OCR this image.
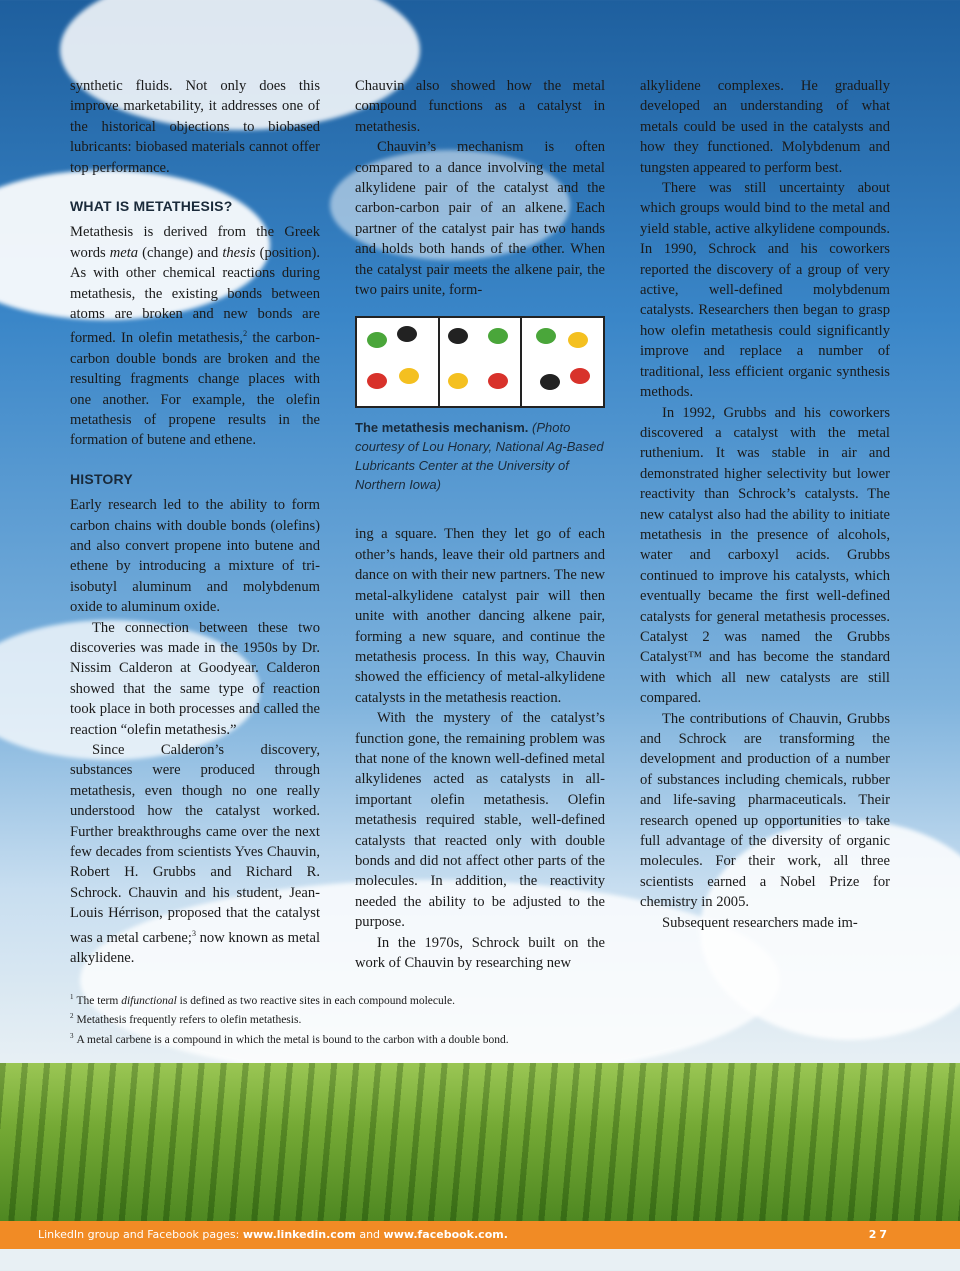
synthetic fluids. Not only does this improve marketability, it addresses one of the historical objections to biobased lubricants: biobased materials cannot offer top performance.

WHAT IS METATHESIS?

Metathesis is derived from the Greek words meta (change) and thesis (position). As with other chemical reactions during metathesis, the existing bonds between atoms are broken and new bonds are formed. In olefin metathesis,$^2$ the carbon-carbon double bonds are broken and the resulting fragments change places with one another. For example, the olefin metathesis of propene results in the formation of butene and ethene.

HISTORY

Early research led to the ability to form carbon chains with double bonds (olefins) and also convert propene into butene and ethene by introducing a mixture of tri-isobutyl aluminum and molybdenum oxide to aluminum oxide.

The connection between these two discoveries was made in the 1950s by Dr. Nissim Calderon at Goodyear. Calderon showed that the same type of reaction took place in both processes and called the reaction “olefin metathesis.”

Since Calderon’s discovery, substances were produced through metathesis, even though no one really understood how the catalyst worked. Further breakthroughs came over the next few decades from scientists Yves Chauvin, Robert H. Grubbs and Richard R. Schrock. Chauvin and his student, Jean-Louis Hérrison, proposed that the catalyst was a metal carbene;$^3$ now known as metal alkylidene.

Chauvin also showed how the metal compound functions as a catalyst in metathesis.

Chauvin’s mechanism is often compared to a dance involving the metal alkylidene pair of the catalyst and the carbon-carbon pair of an alkene. Each partner of the catalyst pair has two hands and holds both hands of the other. When the catalyst pair meets the alkene pair, the two pairs unite, form-

The metathesis mechanism. (Photo courtesy of Lou Honary, National Ag-Based Lubricants Center at the University of Northern Iowa)

ing a square. Then they let go of each other’s hands, leave their old partners and dance on with their new partners. The new metal-alkylidene catalyst pair will then unite with another dancing alkene pair, forming a new square, and continue the metathesis process. In this way, Chauvin showed the efficiency of metal-alkylidene catalysts in the metathesis reaction.

With the mystery of the catalyst’s function gone, the remaining problem was that none of the known well-defined metal alkylidenes acted as catalysts in all-important olefin metathesis. Olefin metathesis required stable, well-defined catalysts that reacted only with double bonds and did not affect other parts of the molecules. In addition, the reactivity needed the ability to be adjusted to the purpose.

In the 1970s, Schrock built on the work of Chauvin by researching new

alkylidene complexes. He gradually developed an understanding of what metals could be used in the catalysts and how they functioned. Molybdenum and tungsten appeared to perform best.

There was still uncertainty about which groups would bind to the metal and yield stable, active alkylidene compounds. In 1990, Schrock and his coworkers reported the discovery of a group of very active, well-defined molybdenum catalysts. Researchers then began to grasp how olefin metathesis could significantly improve and replace a number of traditional, less efficient organic synthesis methods.

In 1992, Grubbs and his coworkers discovered a catalyst with the metal ruthenium. It was stable in air and demonstrated higher selectivity but lower reactivity than Schrock’s catalysts. The new catalyst also had the ability to initiate metathesis in the presence of alcohols, water and carboxyl acids. Grubbs continued to improve his catalysts, which eventually became the first well-defined catalysts for general metathesis processes. Catalyst 2 was named the Grubbs Catalyst™ and has become the standard with which all new catalysts are still compared.

The contributions of Chauvin, Grubbs and Schrock are transforming the development and production of a number of substances including chemicals, rubber and life-saving pharmaceuticals. Their research opened up opportunities to take full advantage of the diversity of organic molecules. For their work, all three scientists earned a Nobel Prize for chemistry in 2005.

Subsequent researchers made im-

$^1$ The term difunctional is defined as two reactive sites in each compound molecule.
$^2$ Metathesis frequently refers to olefin metathesis.
$^3$ A metal carbene is a compound in which the metal is bound to the carbon with a double bond.
LinkedIn group and Facebook pages: www.linkedin.com and www.facebook.com.	27
